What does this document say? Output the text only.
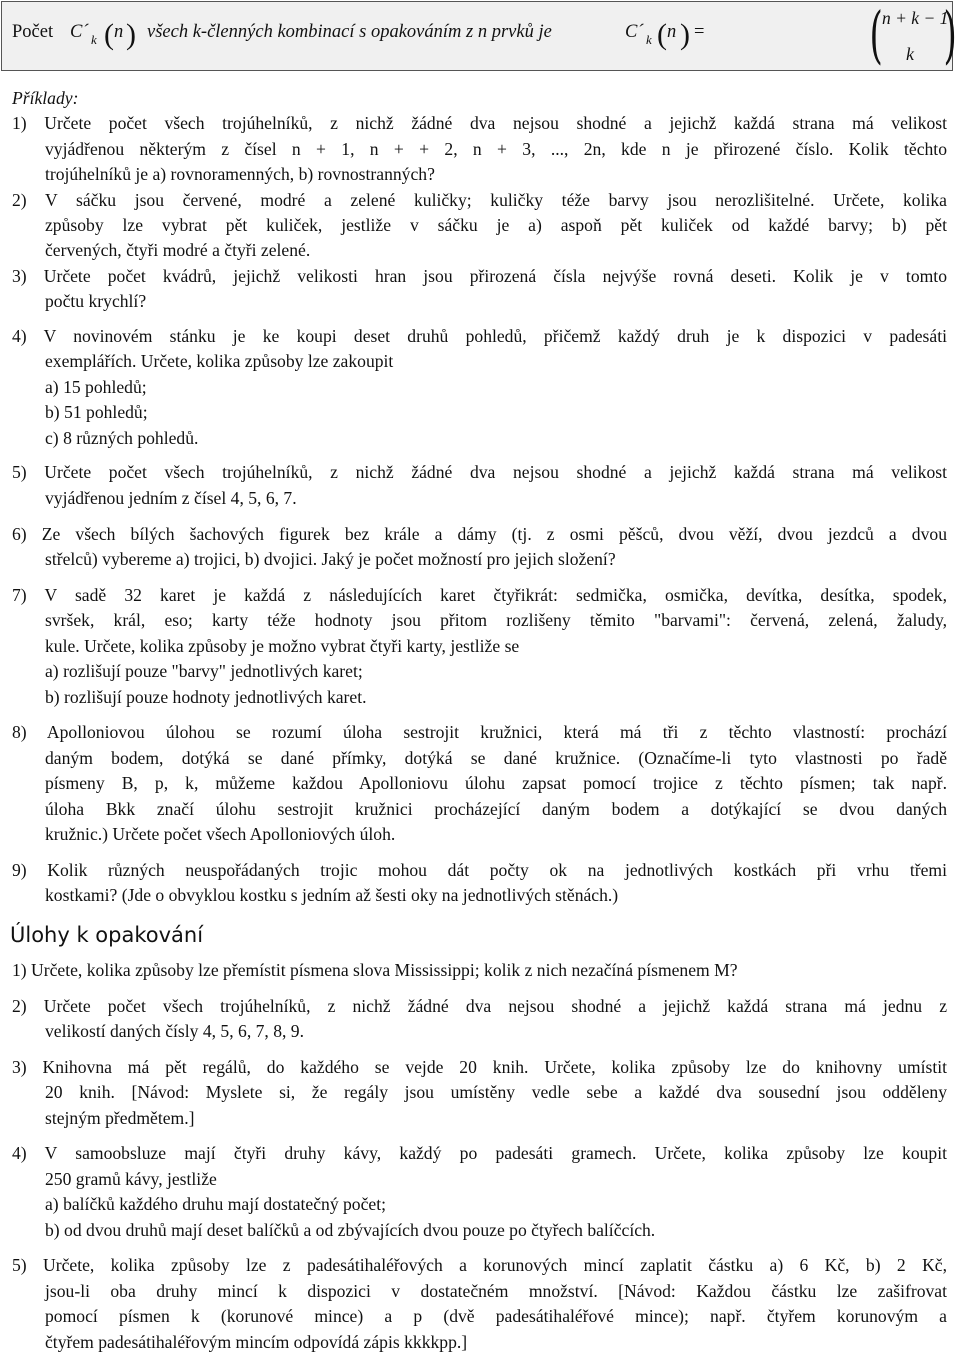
Počet C´ k ( n ) všech k-členných kombinací s opakováním z n prvků je	C´ k ( n ) =	( n + k − 1
k )
Příklady:
1) Určete počet všech trojúhelníků, z nichž žádné dva nejsou shodné a jejichž každá strana má velikost
vyjádřenou některým z čísel n + 1, n + + 2, n + 3, ..., 2n, kde n je přirozené číslo. Kolik těchto
trojúhelníků je a) rovnoramenných, b) rovnostranných?
2) V sáčku jsou červené, modré a zelené kuličky; kuličky téže barvy jsou nerozlišitelné. Určete, kolika
způsoby lze vybrat pět kuliček, jestliže v sáčku je a) aspoň pět kuliček od každé barvy; b) pět
červených, čtyři modré a čtyři zelené.
3) Určete počet kvádrů, jejichž velikosti hran jsou přirozená čísla nejvýše rovná deseti. Kolik je v tomto
počtu krychlí?
4) V novinovém stánku je ke koupi deset druhů pohledů, přičemž každý druh je k dispozici v padesáti
exemplářích. Určete, kolika způsoby lze zakoupit
a) 15 pohledů;
b) 51 pohledů;
c) 8 různých pohledů.
5) Určete počet všech trojúhelníků, z nichž žádné dva nejsou shodné a jejichž každá strana má velikost
vyjádřenou jedním z čísel 4, 5, 6, 7.
6) Ze všech bílých šachových figurek bez krále a dámy (tj. z osmi pěšců, dvou věží, dvou jezdců a dvou
střelců) vybereme a) trojici, b) dvojici. Jaký je počet možností pro jejich složení?
7) V sadě 32 karet je každá z následujících karet čtyřikrát: sedmička, osmička, devítka, desítka, spodek,
svršek, král, eso; karty téže hodnoty jsou přitom rozlišeny těmito "barvami": červená, zelená, žaludy,
kule. Určete, kolika způsoby je možno vybrat čtyři karty, jestliže se
a) rozlišují pouze "barvy" jednotlivých karet;
b) rozlišují pouze hodnoty jednotlivých karet.
8) Apolloniovou úlohou se rozumí úloha sestrojit kružnici, která má tři z těchto vlastností: prochází
daným bodem, dotýká se dané přímky, dotýká se dané kružnice. (Označíme-li tyto vlastnosti po řadě
písmeny B, p, k, můžeme každou Apolloniovu úlohu zapsat pomocí trojice z těchto písmen; tak např.
úloha Bkk značí úlohu sestrojit kružnici procházející daným bodem a dotýkající se dvou daných
kružnic.) Určete počet všech Apolloniových úloh.
9) Kolik různých neuspořádaných trojic mohou dát počty ok na jednotlivých kostkách při vrhu třemi
kostkami? (Jde o obvyklou kostku s jedním až šesti oky na jednotlivých stěnách.)
Úlohy k opakování
1) Určete, kolika způsoby lze přemístit písmena slova Mississippi; kolik z nich nezačíná písmenem M?
2) Určete počet všech trojúhelníků, z nichž žádné dva nejsou shodné a jejichž každá strana má jednu z
velikostí daných čísly 4, 5, 6, 7, 8, 9.
3) Knihovna má pět regálů, do každého se vejde 20 knih. Určete, kolika způsoby lze do knihovny umístit
20 knih. [Návod: Myslete si, že regály jsou umístěny vedle sebe a každé dva sousední jsou odděleny
stejným předmětem.]
4) V samoobsluze mají čtyři druhy kávy, každý po padesáti gramech. Určete, kolika způsoby lze koupit
250 gramů kávy, jestliže
a) balíčků každého druhu mají dostatečný počet;
b) od dvou druhů mají deset balíčků a od zbývajících dvou pouze po čtyřech balíčcích.
5) Určete, kolika způsoby lze z padesátihaléřových a korunových mincí zaplatit částku a) 6 Kč, b) 2 Kč,
jsou-li oba druhy mincí k dispozici v dostatečném množství. [Návod: Každou částku lze zašifrovat
pomocí písmen k (korunové mince) a p (dvě padesátihaléřové mince); např. čtyřem korunovým a
čtyřem padesátihaléřovým mincím odpovídá zápis kkkkpp.]
